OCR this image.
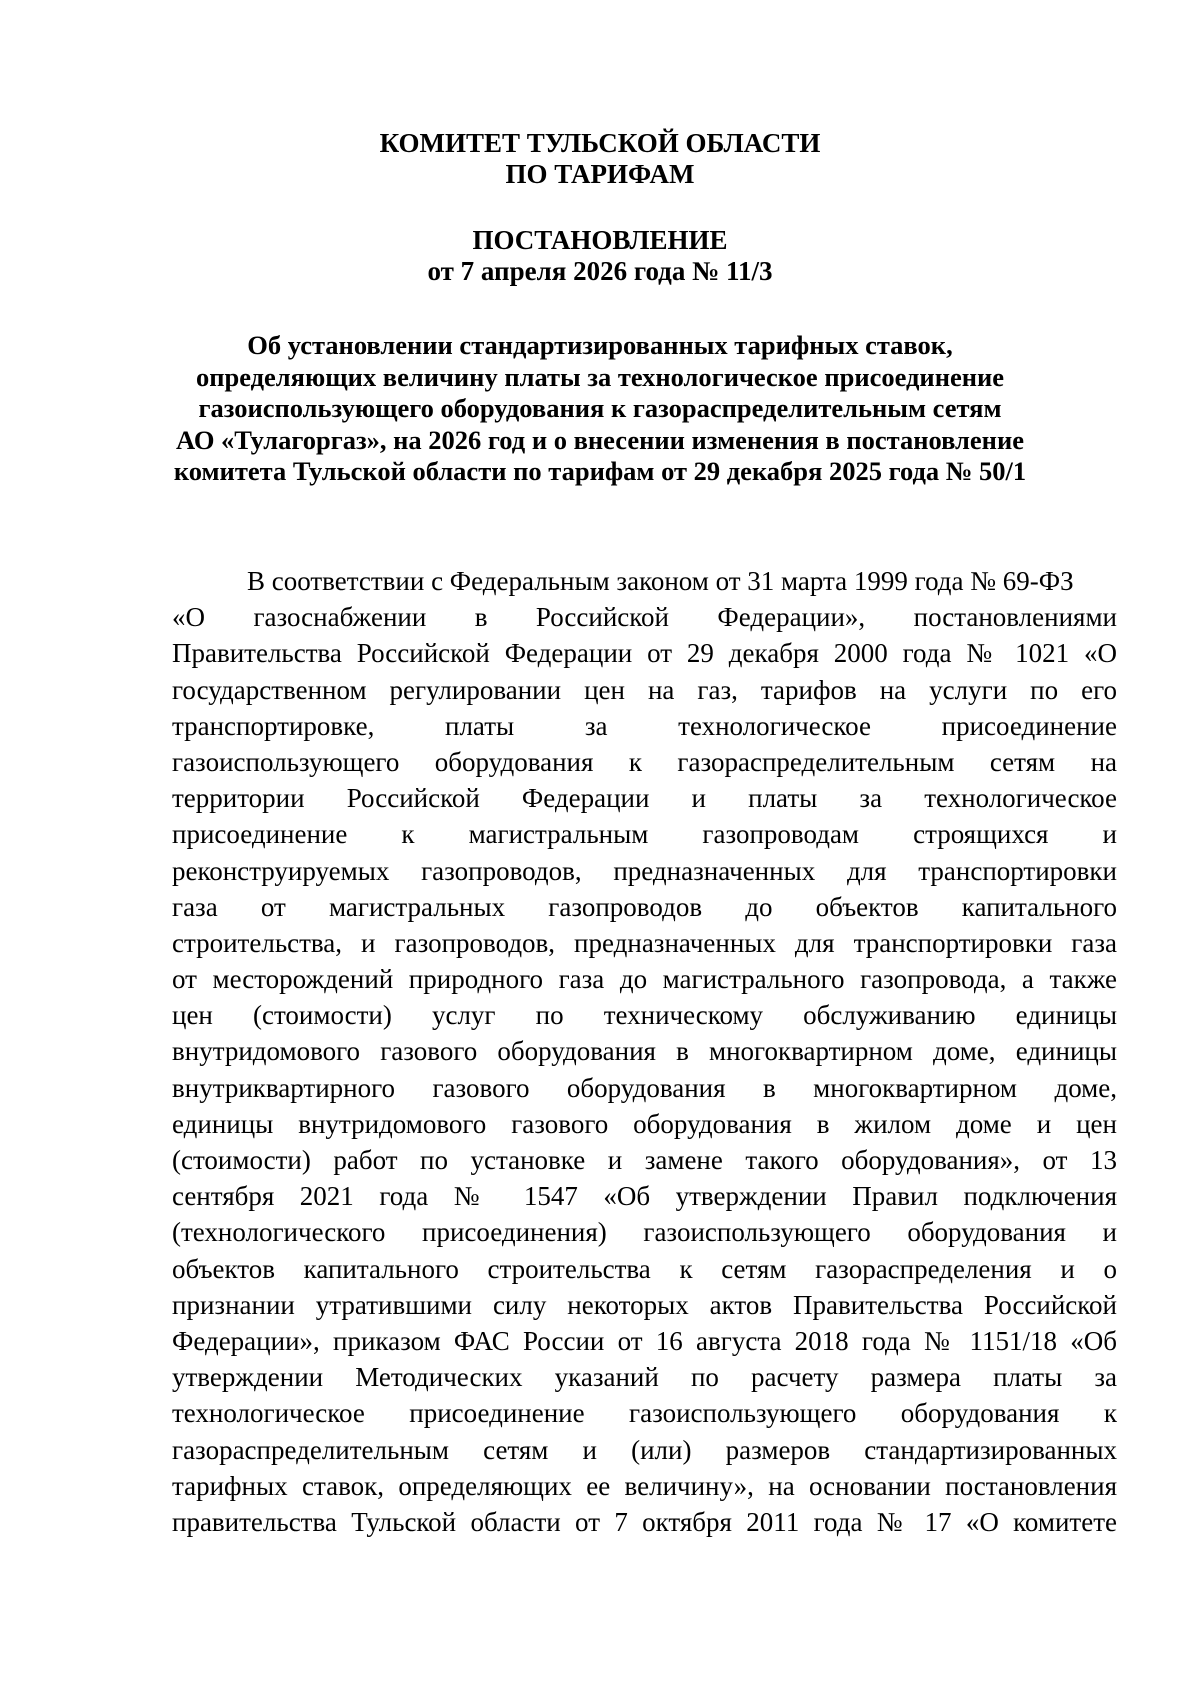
КОМИТЕТ ТУЛЬСКОЙ ОБЛАСТИ
ПО ТАРИФАМ
ПОСТАНОВЛЕНИЕ
от 7 апреля 2026 года № 11/3
Об установлении стандартизированных тарифных ставок,
определяющих величину платы за технологическое присоединение
газоиспользующего оборудования к газораспределительным сетям
АО «Тулагоргаз», на 2026 год и о внесении изменения в постановление
комитета Тульской области по тарифам от 29 декабря 2025 года № 50/1
В соответствии с Федеральным законом от 31 марта 1999 года № 69-ФЗ
«О газоснабжении в Российской Федерации», постановлениями
Правительства Российской Федерации от 29 декабря 2000 года № 1021 «О
государственном регулировании цен на газ, тарифов на услуги по его
транспортировке, платы за технологическое присоединение
газоиспользующего оборудования к газораспределительным сетям на
территории Российской Федерации и платы за технологическое
присоединение к магистральным газопроводам строящихся и
реконструируемых газопроводов, предназначенных для транспортировки
газа от магистральных газопроводов до объектов капитального
строительства, и газопроводов, предназначенных для транспортировки газа
от месторождений природного газа до магистрального газопровода, а также
цен (стоимости) услуг по техническому обслуживанию единицы
внутридомового газового оборудования в многоквартирном доме, единицы
внутриквартирного газового оборудования в многоквартирном доме,
единицы внутридомового газового оборудования в жилом доме и цен
(стоимости) работ по установке и замене такого оборудования», от 13
сентября 2021 года № 1547 «Об утверждении Правил подключения
(технологического присоединения) газоиспользующего оборудования и
объектов капитального строительства к сетям газораспределения и о
признании утратившими силу некоторых актов Правительства Российской
Федерации», приказом ФАС России от 16 августа 2018 года № 1151/18 «Об
утверждении Методических указаний по расчету размера платы за
технологическое присоединение газоиспользующего оборудования к
газораспределительным сетям и (или) размеров стандартизированных
тарифных ставок, определяющих ее величину», на основании постановления
правительства Тульской области от 7 октября 2011 года № 17 «О комитете
